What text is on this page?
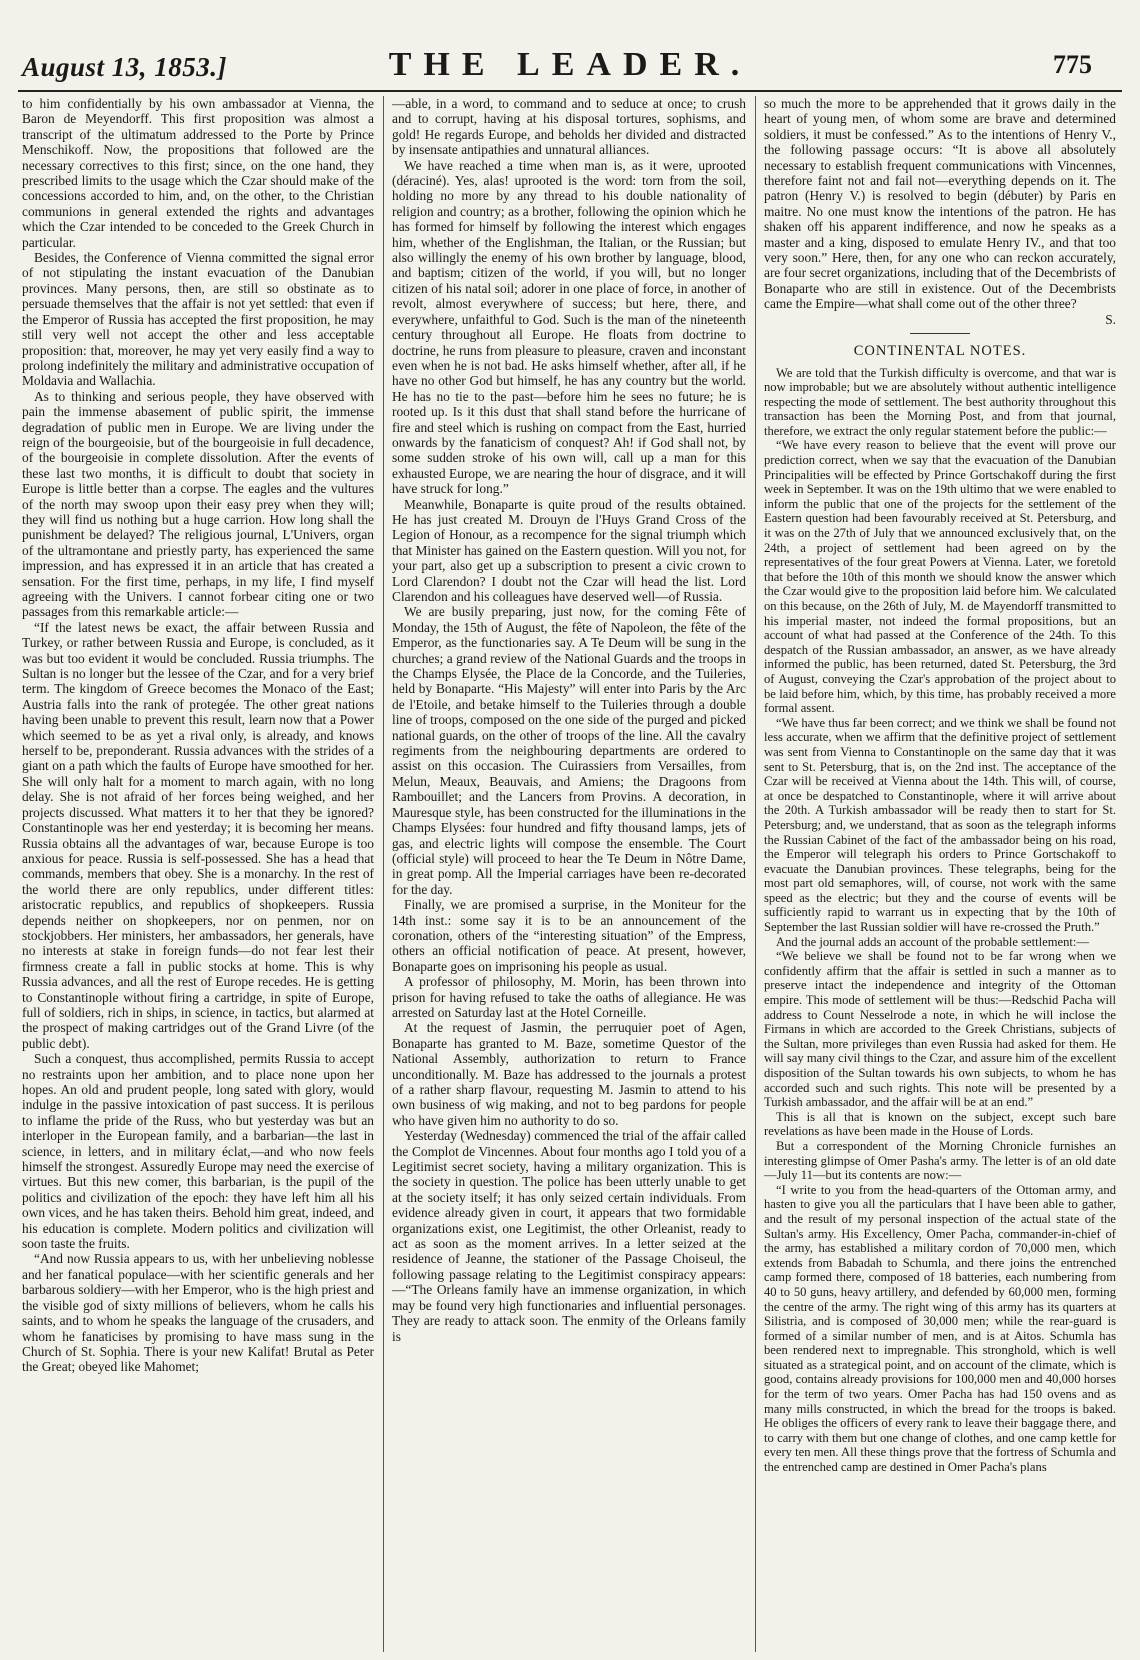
August 13, 1853.]	THE LEADER.	775

to him confidentially by his own ambassador at Vienna, the Baron de Meyendorff. This first proposition was almost a transcript of the ultimatum addressed to the Porte by Prince Menschikoff. Now, the propositions that followed are the necessary correctives to this first; since, on the one hand, they prescribed limits to the usage which the Czar should make of the concessions accorded to him, and, on the other, to the Christian communions in general extended the rights and advantages which the Czar intended to be conceded to the Greek Church in particular.

Besides, the Conference of Vienna committed the signal error of not stipulating the instant evacuation of the Danubian provinces. Many persons, then, are still so obstinate as to persuade themselves that the affair is not yet settled: that even if the Emperor of Russia has accepted the first proposition, he may still very well not accept the other and less acceptable proposition: that, moreover, he may yet very easily find a way to prolong indefinitely the military and administrative occupation of Moldavia and Wallachia.

As to thinking and serious people, they have observed with pain the immense abasement of public spirit, the immense degradation of public men in Europe. We are living under the reign of the bourgeoisie, but of the bourgeoisie in full decadence, of the bourgeoisie in complete dissolution. After the events of these last two months, it is difficult to doubt that society in Europe is little better than a corpse. The eagles and the vultures of the north may swoop upon their easy prey when they will; they will find us nothing but a huge carrion. How long shall the punishment be delayed? The religious journal, L'Univers, organ of the ultramontane and priestly party, has experienced the same impression, and has expressed it in an article that has created a sensation. For the first time, perhaps, in my life, I find myself agreeing with the Univers. I cannot forbear citing one or two passages from this remarkable article:—

“If the latest news be exact, the affair between Russia and Turkey, or rather between Russia and Europe, is concluded, as it was but too evident it would be concluded. Russia triumphs. The Sultan is no longer but the lessee of the Czar, and for a very brief term. The kingdom of Greece becomes the Monaco of the East; Austria falls into the rank of protegée. The other great nations having been unable to prevent this result, learn now that a Power which seemed to be as yet a rival only, is already, and knows herself to be, preponderant. Russia advances with the strides of a giant on a path which the faults of Europe have smoothed for her. She will only halt for a moment to march again, with no long delay. She is not afraid of her forces being weighed, and her projects discussed. What matters it to her that they be ignored? Constantinople was her end yesterday; it is becoming her means. Russia obtains all the advantages of war, because Europe is too anxious for peace. Russia is self-possessed. She has a head that commands, members that obey. She is a monarchy. In the rest of the world there are only republics, under different titles: aristocratic republics, and republics of shopkeepers. Russia depends neither on shopkeepers, nor on penmen, nor on stockjobbers. Her ministers, her ambassadors, her generals, have no interests at stake in foreign funds—do not fear lest their firmness create a fall in public stocks at home. This is why Russia advances, and all the rest of Europe recedes. He is getting to Constantinople without firing a cartridge, in spite of Europe, full of soldiers, rich in ships, in science, in tactics, but alarmed at the prospect of making cartridges out of the Grand Livre (of the public debt).

Such a conquest, thus accomplished, permits Russia to accept no restraints upon her ambition, and to place none upon her hopes. An old and prudent people, long sated with glory, would indulge in the passive intoxication of past success. It is perilous to inflame the pride of the Russ, who but yesterday was but an interloper in the European family, and a barbarian—the last in science, in letters, and in military éclat,—and who now feels himself the strongest. Assuredly Europe may need the exercise of virtues. But this new comer, this barbarian, is the pupil of the politics and civilization of the epoch: they have left him all his own vices, and he has taken theirs. Behold him great, indeed, and his education is complete. Modern politics and civilization will soon taste the fruits.

“And now Russia appears to us, with her unbelieving noblesse and her fanatical populace—with her scientific generals and her barbarous soldiery—with her Emperor, who is the high priest and the visible god of sixty millions of believers, whom he calls his saints, and to whom he speaks the language of the crusaders, and whom he fanaticises by promising to have mass sung in the Church of St. Sophia. There is your new Kalifat! Brutal as Peter the Great; obeyed like Mahomet;

—able, in a word, to command and to seduce at once; to crush and to corrupt, having at his disposal tortures, sophisms, and gold! He regards Europe, and beholds her divided and distracted by insensate antipathies and unnatural alliances.

We have reached a time when man is, as it were, uprooted (déraciné). Yes, alas! uprooted is the word: torn from the soil, holding no more by any thread to his double nationality of religion and country; as a brother, following the opinion which he has formed for himself by following the interest which engages him, whether of the Englishman, the Italian, or the Russian; but also willingly the enemy of his own brother by language, blood, and baptism; citizen of the world, if you will, but no longer citizen of his natal soil; adorer in one place of force, in another of revolt, almost everywhere of success; but here, there, and everywhere, unfaithful to God. Such is the man of the nineteenth century throughout all Europe. He floats from doctrine to doctrine, he runs from pleasure to pleasure, craven and inconstant even when he is not bad. He asks himself whether, after all, if he have no other God but himself, he has any country but the world. He has no tie to the past—before him he sees no future; he is rooted up. Is it this dust that shall stand before the hurricane of fire and steel which is rushing on compact from the East, hurried onwards by the fanaticism of conquest? Ah! if God shall not, by some sudden stroke of his own will, call up a man for this exhausted Europe, we are nearing the hour of disgrace, and it will have struck for long.”

Meanwhile, Bonaparte is quite proud of the results obtained. He has just created M. Drouyn de l'Huys Grand Cross of the Legion of Honour, as a recompence for the signal triumph which that Minister has gained on the Eastern question. Will you not, for your part, also get up a subscription to present a civic crown to Lord Clarendon? I doubt not the Czar will head the list. Lord Clarendon and his colleagues have deserved well—of Russia.

We are busily preparing, just now, for the coming Fête of Monday, the 15th of August, the fête of Napoleon, the fête of the Emperor, as the functionaries say. A Te Deum will be sung in the churches; a grand review of the National Guards and the troops in the Champs Elysée, the Place de la Concorde, and the Tuileries, held by Bonaparte. “His Majesty” will enter into Paris by the Arc de l'Etoile, and betake himself to the Tuileries through a double line of troops, composed on the one side of the purged and picked national guards, on the other of troops of the line. All the cavalry regiments from the neighbouring departments are ordered to assist on this occasion. The Cuirassiers from Versailles, from Melun, Meaux, Beauvais, and Amiens; the Dragoons from Rambouillet; and the Lancers from Provins. A decoration, in Mauresque style, has been constructed for the illuminations in the Champs Elysées: four hundred and fifty thousand lamps, jets of gas, and electric lights will compose the ensemble. The Court (official style) will proceed to hear the Te Deum in Nôtre Dame, in great pomp. All the Imperial carriages have been re-decorated for the day.

Finally, we are promised a surprise, in the Moniteur for the 14th inst.: some say it is to be an announcement of the coronation, others of the “interesting situation” of the Empress, others an official notification of peace. At present, however, Bonaparte goes on imprisoning his people as usual.

A professor of philosophy, M. Morin, has been thrown into prison for having refused to take the oaths of allegiance. He was arrested on Saturday last at the Hotel Corneille.

At the request of Jasmin, the perruquier poet of Agen, Bonaparte has granted to M. Baze, sometime Questor of the National Assembly, authorization to return to France unconditionally. M. Baze has addressed to the journals a protest of a rather sharp flavour, requesting M. Jasmin to attend to his own business of wig making, and not to beg pardons for people who have given him no authority to do so.

Yesterday (Wednesday) commenced the trial of the affair called the Complot de Vincennes. About four months ago I told you of a Legitimist secret society, having a military organization. This is the society in question. The police has been utterly unable to get at the society itself; it has only seized certain individuals. From evidence already given in court, it appears that two formidable organizations exist, one Legitimist, the other Orleanist, ready to act as soon as the moment arrives. In a letter seized at the residence of Jeanne, the stationer of the Passage Choiseul, the following passage relating to the Legitimist conspiracy appears:—“The Orleans family have an immense organization, in which may be found very high functionaries and influential personages. They are ready to attack soon. The enmity of the Orleans family is

so much the more to be apprehended that it grows daily in the heart of young men, of whom some are brave and determined soldiers, it must be confessed.” As to the intentions of Henry V., the following passage occurs: “It is above all absolutely necessary to establish frequent communications with Vincennes, therefore faint not and fail not—everything depends on it. The patron (Henry V.) is resolved to begin (débuter) by Paris en maitre. No one must know the intentions of the patron. He has shaken off his apparent indifference, and now he speaks as a master and a king, disposed to emulate Henry IV., and that too very soon.” Here, then, for any one who can reckon accurately, are four secret organizations, including that of the Decembrists of Bonaparte who are still in existence. Out of the Decembrists came the Empire—what shall come out of the other three?

S.
CONTINENTAL NOTES.

We are told that the Turkish difficulty is overcome, and that war is now improbable; but we are absolutely without authentic intelligence respecting the mode of settlement. The best authority throughout this transaction has been the Morning Post, and from that journal, therefore, we extract the only regular statement before the public:—

“We have every reason to believe that the event will prove our prediction correct, when we say that the evacuation of the Danubian Principalities will be effected by Prince Gortschakoff during the first week in September. It was on the 19th ultimo that we were enabled to inform the public that one of the projects for the settlement of the Eastern question had been favourably received at St. Petersburg, and it was on the 27th of July that we announced exclusively that, on the 24th, a project of settlement had been agreed on by the representatives of the four great Powers at Vienna. Later, we foretold that before the 10th of this month we should know the answer which the Czar would give to the proposition laid before him. We calculated on this because, on the 26th of July, M. de Mayendorff transmitted to his imperial master, not indeed the formal propositions, but an account of what had passed at the Conference of the 24th. To this despatch of the Russian ambassador, an answer, as we have already informed the public, has been returned, dated St. Petersburg, the 3rd of August, conveying the Czar's approbation of the project about to be laid before him, which, by this time, has probably received a more formal assent.

“We have thus far been correct; and we think we shall be found not less accurate, when we affirm that the definitive project of settlement was sent from Vienna to Constantinople on the same day that it was sent to St. Petersburg, that is, on the 2nd inst. The acceptance of the Czar will be received at Vienna about the 14th. This will, of course, at once be despatched to Constantinople, where it will arrive about the 20th. A Turkish ambassador will be ready then to start for St. Petersburg; and, we understand, that as soon as the telegraph informs the Russian Cabinet of the fact of the ambassador being on his road, the Emperor will telegraph his orders to Prince Gortschakoff to evacuate the Danubian provinces. These telegraphs, being for the most part old semaphores, will, of course, not work with the same speed as the electric; but they and the course of events will be sufficiently rapid to warrant us in expecting that by the 10th of September the last Russian soldier will have re-crossed the Pruth.”

And the journal adds an account of the probable settlement:—

“We believe we shall be found not to be far wrong when we confidently affirm that the affair is settled in such a manner as to preserve intact the independence and integrity of the Ottoman empire. This mode of settlement will be thus:—Redschid Pacha will address to Count Nesselrode a note, in which he will inclose the Firmans in which are accorded to the Greek Christians, subjects of the Sultan, more privileges than even Russia had asked for them. He will say many civil things to the Czar, and assure him of the excellent disposition of the Sultan towards his own subjects, to whom he has accorded such and such rights. This note will be presented by a Turkish ambassador, and the affair will be at an end.”

This is all that is known on the subject, except such bare revelations as have been made in the House of Lords.

But a correspondent of the Morning Chronicle furnishes an interesting glimpse of Omer Pasha's army. The letter is of an old date—July 11—but its contents are now:—

“I write to you from the head-quarters of the Ottoman army, and hasten to give you all the particulars that I have been able to gather, and the result of my personal inspection of the actual state of the Sultan's army. His Excellency, Omer Pacha, commander-in-chief of the army, has established a military cordon of 70,000 men, which extends from Babadah to Schumla, and there joins the entrenched camp formed there, composed of 18 batteries, each numbering from 40 to 50 guns, heavy artillery, and defended by 60,000 men, forming the centre of the army. The right wing of this army has its quarters at Silistria, and is composed of 30,000 men; while the rear-guard is formed of a similar number of men, and is at Aitos. Schumla has been rendered next to impregnable. This stronghold, which is well situated as a strategical point, and on account of the climate, which is good, contains already provisions for 100,000 men and 40,000 horses for the term of two years. Omer Pacha has had 150 ovens and as many mills constructed, in which the bread for the troops is baked. He obliges the officers of every rank to leave their baggage there, and to carry with them but one change of clothes, and one camp kettle for every ten men. All these things prove that the fortress of Schumla and the entrenched camp are destined in Omer Pacha's plans
